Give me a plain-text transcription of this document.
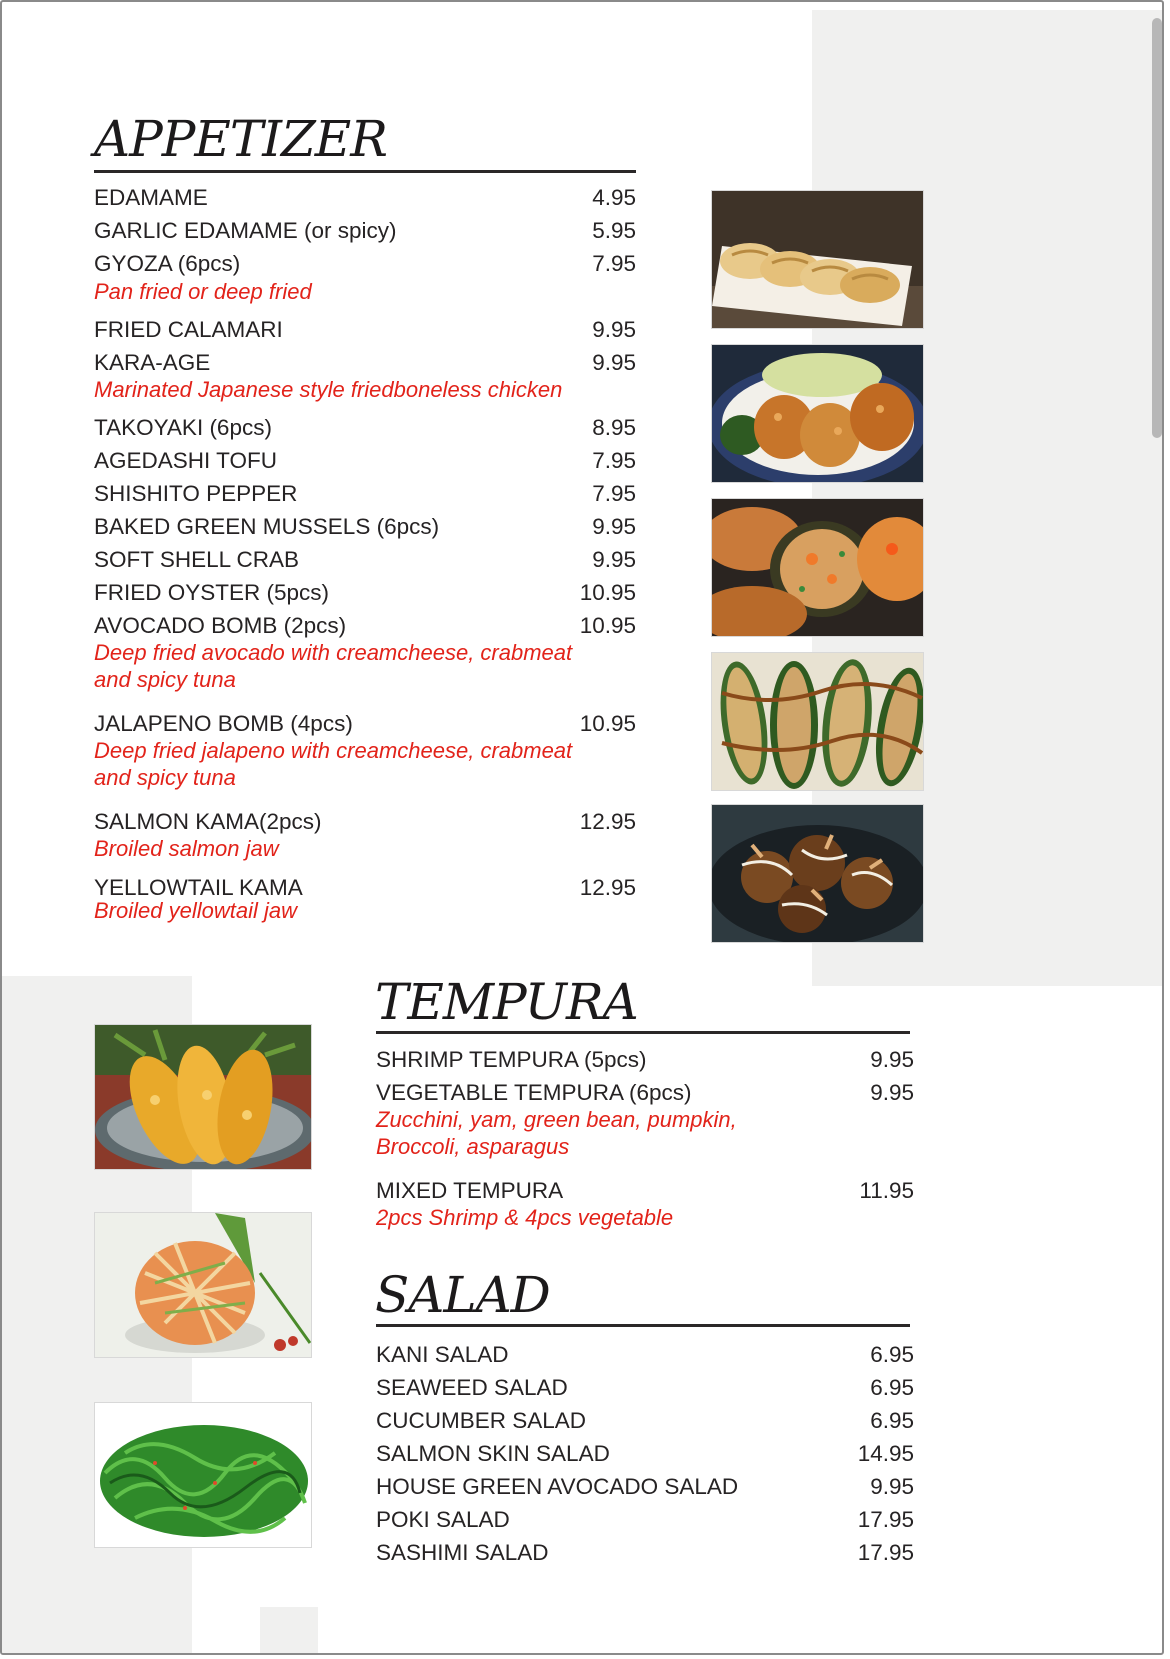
APPETIZER
EDAMAME	4.95
GARLIC EDAMAME (or spicy)	5.95
GYOZA (6pcs)	7.95
Pan fried or deep fried
FRIED CALAMARI	9.95
KARA-AGE	9.95
Marinated Japanese style friedboneless chicken
TAKOYAKI (6pcs)	8.95
AGEDASHI TOFU	7.95
SHISHITO PEPPER	7.95
BAKED GREEN MUSSELS (6pcs)	9.95
SOFT SHELL CRAB	9.95
FRIED OYSTER (5pcs)	10.95
AVOCADO BOMB (2pcs)	10.95
Deep fried avocado with creamcheese, crabmeat
and spicy tuna
JALAPENO BOMB (4pcs)	10.95
Deep fried jalapeno with creamcheese, crabmeat
and spicy tuna
SALMON KAMA(2pcs)	12.95
Broiled salmon jaw
YELLOWTAIL KAMA	12.95
Broiled yellowtail jaw
TEMPURA
SHRIMP TEMPURA (5pcs)	9.95
VEGETABLE TEMPURA (6pcs)	9.95
Zucchini, yam, green bean, pumpkin,
Broccoli, asparagus
MIXED TEMPURA	11.95
2pcs Shrimp & 4pcs vegetable
SALAD
KANI SALAD	6.95
SEAWEED SALAD	6.95
CUCUMBER SALAD	6.95
SALMON SKIN SALAD	14.95
HOUSE GREEN AVOCADO SALAD	9.95
POKI SALAD	17.95
SASHIMI SALAD	17.95
